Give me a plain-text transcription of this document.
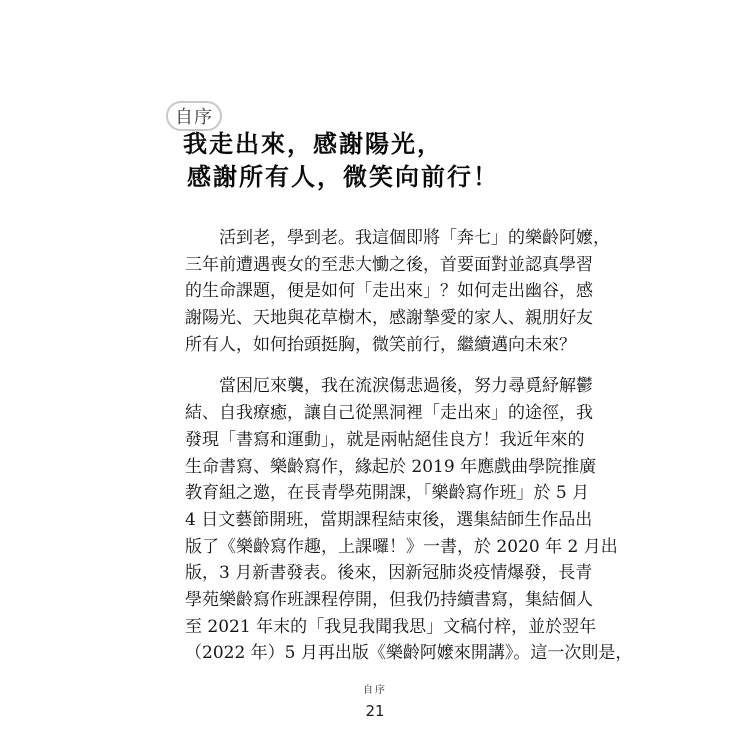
自序
我走出來，感謝陽光，
感謝所有人，微笑向前行！
　　活到老，學到老。我這個即將「奔七」的樂齡阿嬤，
三年前遭遇喪女的至悲大慟之後，首要面對並認真學習
的生命課題，便是如何「走出來」？如何走出幽谷，感
謝陽光、天地與花草樹木，感謝摯愛的家人、親朋好友
所有人，如何抬頭挺胸，微笑前行，繼續邁向未來？
　　當困厄來襲，我在流淚傷悲過後，努力尋覓紓解鬱
結、自我療癒，讓自己從黑洞裡「走出來」的途徑，我
發現「書寫和運動」，就是兩帖絕佳良方！我近年來的
生命書寫、樂齡寫作，緣起於 2019 年應戲曲學院推廣
教育組之邀，在長青學苑開課，「樂齡寫作班」於 5 月
4 日文藝節開班，當期課程結束後，選集結師生作品出
版了《樂齡寫作趣，上課囉！》一書，於 2020 年 2 月出
版，3 月新書發表。後來，因新冠肺炎疫情爆發，長青
學苑樂齡寫作班課程停開，但我仍持續書寫，集結個人
至 2021 年末的「我見我聞我思」文稿付梓，並於翌年
（2022 年）5 月再出版《樂齡阿嬤來開講》。這一次則是，
自序
21
